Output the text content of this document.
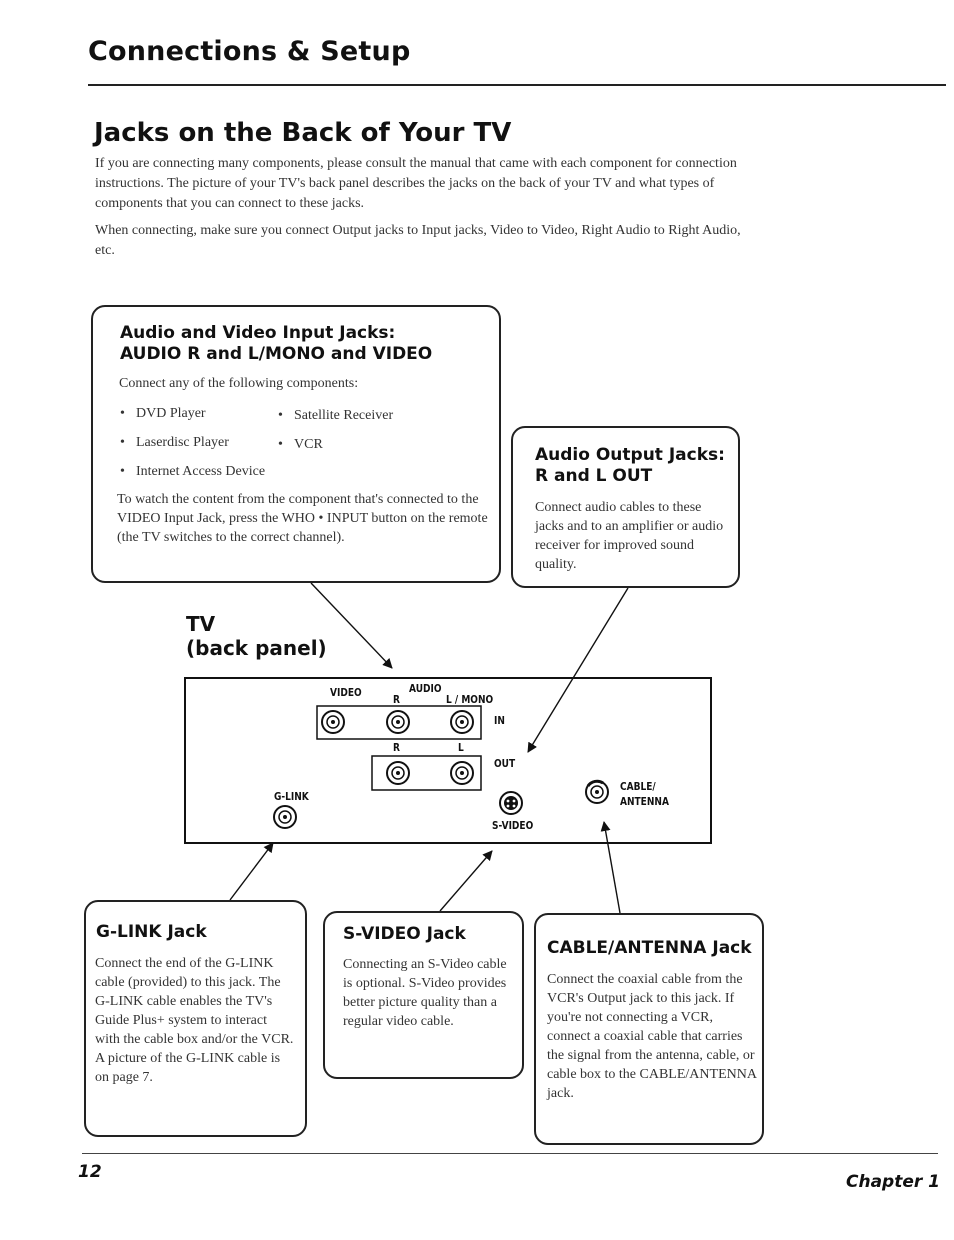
Connections & Setup
Jacks on the Back of Your TV
If you are connecting many components, please consult the manual that came with each component for connection instructions. The picture of your TV's back panel describes the jacks on the back of your TV and what types of components that you can connect to these jacks.
When connecting, make sure you connect Output jacks to Input jacks, Video to Video, Right Audio to Right Audio, etc.
Audio and Video Input Jacks:
AUDIO R and L/MONO and VIDEO
Connect any of the following components:
• DVD Player
• Laserdisc Player
• Internet Access Device
• Satellite Receiver
• VCR
To watch the content from the component that's connected to the VIDEO Input Jack, press the WHO • INPUT button on the remote (the TV switches to the correct channel).
Audio Output Jacks:
R and L OUT
Connect audio cables to these jacks and to an amplifier or audio receiver for improved sound quality.
TV
(back panel)
VIDEO	AUDIO
R	L / MONO
IN
R	L
OUT
G-LINK
S-VIDEO
CABLE/
ANTENNA
G-LINK Jack
Connect the end of the G-LINK cable (provided) to this jack. The G-LINK cable enables the TV's Guide Plus+ system to interact with the cable box and/or the VCR. A picture of the G-LINK cable is on page 7.
S-VIDEO Jack
Connecting an S-Video cable is optional. S-Video provides better picture quality than a regular video cable.
CABLE/ANTENNA Jack
Connect the coaxial cable from the VCR's Output jack to this jack. If you're not connecting a VCR, connect a coaxial cable that carries the signal from the antenna, cable, or cable box to the CABLE/ANTENNA jack.
12	Chapter 1
